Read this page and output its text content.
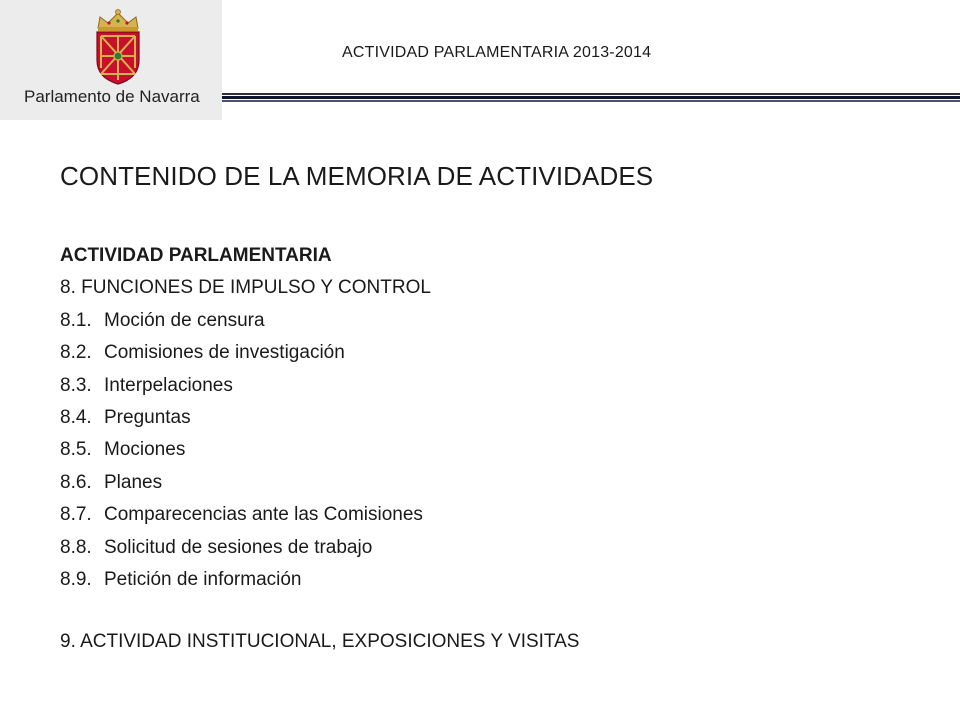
Parlamento de Navarra
ACTIVIDAD PARLAMENTARIA 2013-2014
CONTENIDO DE LA MEMORIA DE ACTIVIDADES
ACTIVIDAD PARLAMENTARIA
8. FUNCIONES DE IMPULSO Y CONTROL
8.1. Moción de censura
8.2. Comisiones de investigación
8.3. Interpelaciones
8.4. Preguntas
8.5. Mociones
8.6. Planes
8.7. Comparecencias ante las Comisiones
8.8. Solicitud de sesiones de trabajo
8.9. Petición de información
9. ACTIVIDAD INSTITUCIONAL, EXPOSICIONES Y VISITAS
